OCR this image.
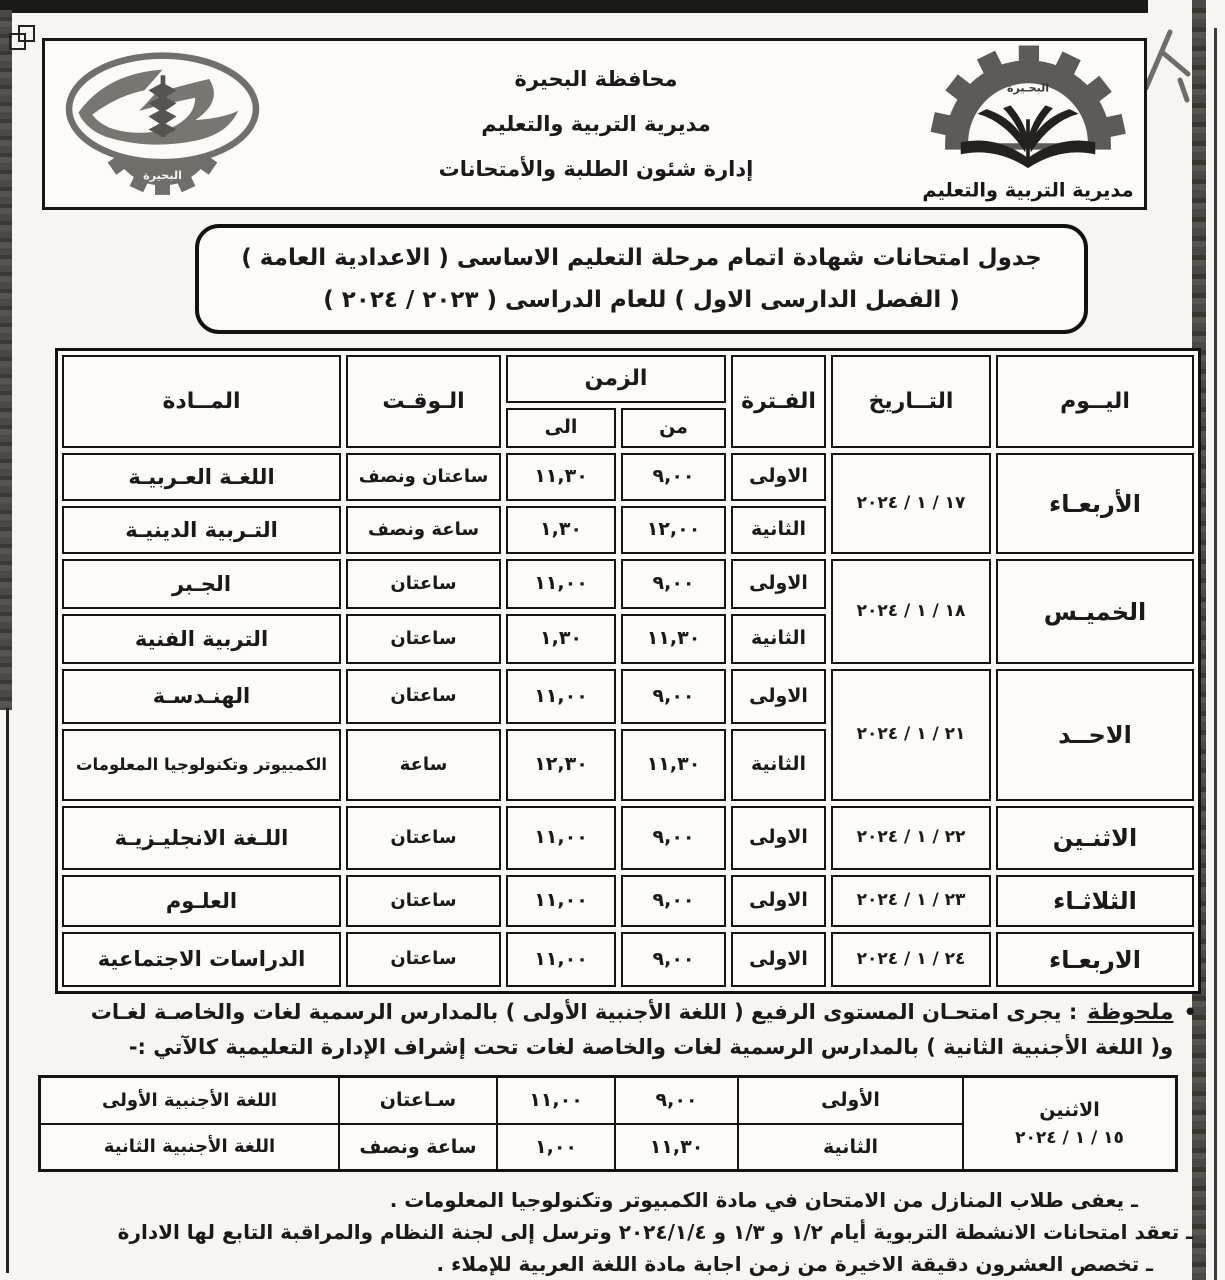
البحـيرة
مديرية التربية والتعليم
محافظة البحيرة
مديرية التربية والتعليم
إدارة شئون الطلبة والأمتحانات
البحيرة
جدول امتحانات شهادة اتمام مرحلة التعليم الاساسى ( الاعدادية العامة )
( الفصل الدارسى الاول ) للعام الدراسى ( ٢٠٢٣ / ٢٠٢٤ )
اليــوم
التــاريخ
الفـترة
الزمن
من
الى
الـوقـت
المــادة
الأربعـاء
١٧ / ١ / ٢٠٢٤
الاولى
٩,٠٠
١١,٣٠
ساعتان ونصف
اللغـة العـربيـة
الثانية
١٢,٠٠
١,٣٠
ساعة ونصف
التـربية الدينيـة
الخميـس
١٨ / ١ / ٢٠٢٤
الاولى
٩,٠٠
١١,٠٠
ساعتان
الجـبر
الثانية
١١,٣٠
١,٣٠
ساعتان
التربية الفنية
الاحــد
٢١ / ١ / ٢٠٢٤
الاولى
٩,٠٠
١١,٠٠
ساعتان
الهنـدسـة
الثانية
١١,٣٠
١٢,٣٠
ساعة
الكمبيوتر وتكنولوجيا المعلومات
الاثنـين
٢٢ / ١ / ٢٠٢٤
الاولى
٩,٠٠
١١,٠٠
ساعتان
اللـغة الانجليـزيـة
الثلاثـاء
٢٣ / ١ / ٢٠٢٤
الاولى
٩,٠٠
١١,٠٠
ساعتان
العلـوم
الاربعـاء
٢٤ / ١ / ٢٠٢٤
الاولى
٩,٠٠
١١,٠٠
ساعتان
الدراسات الاجتماعية
•
ملحوظة
: يجرى امتحـان المستوى الرفيع ( اللغة الأجنبية الأولى ) بالمدارس الرسمية لغات والخاصـة لغـات
و( اللغة الأجنبية الثانية ) بالمدارس الرسمية لغات والخاصة لغات تحت إشراف الإدارة التعليمية كالآتي :-
الاثنين
١٥ / ١ / ٢٠٢٤
الأولى
٩,٠٠
١١,٠٠
سـاعتان
اللغة الأجنبية الأولى
الثانية
١١,٣٠
١,٠٠
ساعة ونصف
اللغة الأجنبية الثانية
ـ يعفى طلاب المنازل من الامتحان في مادة الكمبيوتر وتكنولوجيا المعلومات .
ـ تعقد امتحانات الانشطة التربوية أيام ١/٢ و ١/٣ و ٢٠٢٤/١/٤ وترسل إلى لجنة النظام والمراقبة التابع لها الادارة
ـ تخصص العشرون دقيقة الاخيرة من زمن اجابة مادة اللغة العربية للإملاء .
